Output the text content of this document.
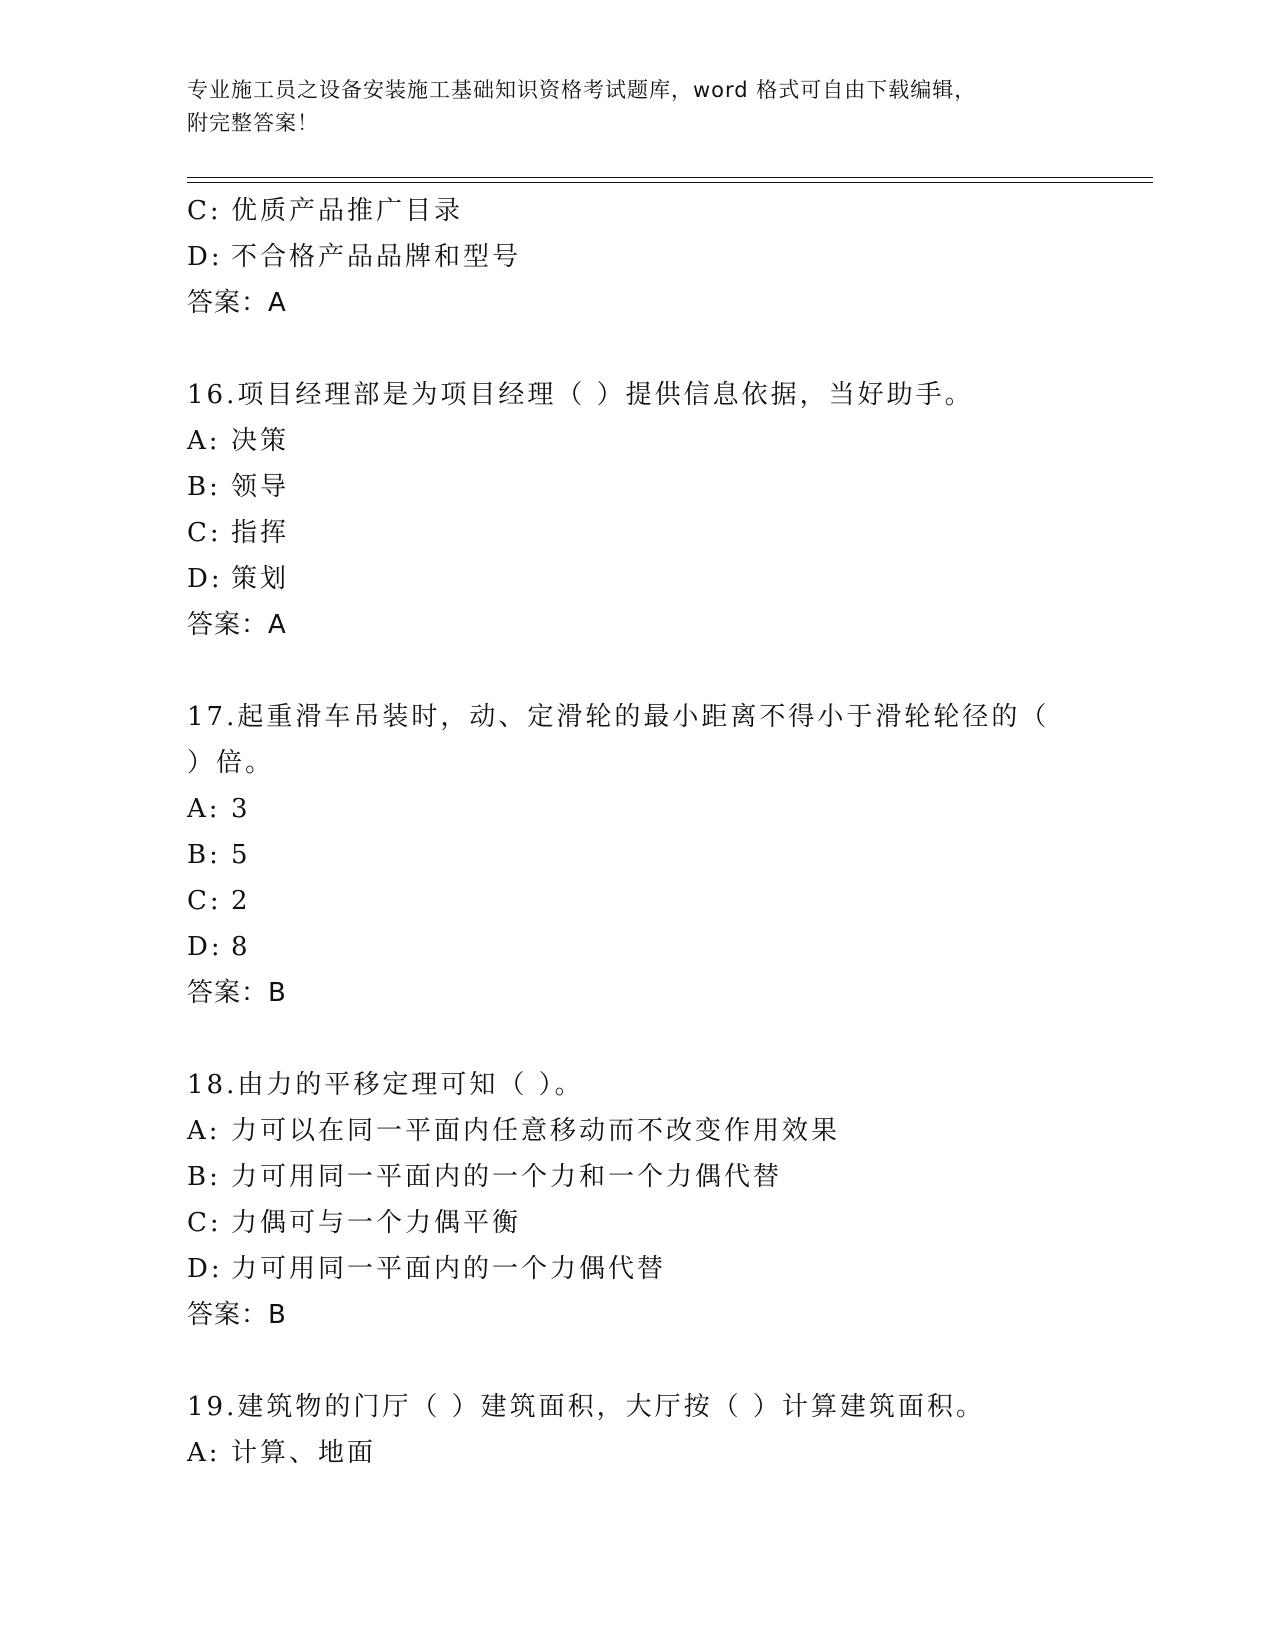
专业施工员之设备安装施工基础知识资格考试题库，word 格式可自由下载编辑，
附完整答案！
C: 优质产品推广目录
D: 不合格产品品牌和型号
答案：A
16.项目经理部是为项目经理（ ）提供信息依据，当好助手。
A: 决策
B: 领导
C: 指挥
D: 策划
答案：A
17.起重滑车吊装时，动、定滑轮的最小距离不得小于滑轮轮径的（
）倍。
A: 3
B: 5
C: 2
D: 8
答案：B
18.由力的平移定理可知（ ）。
A: 力可以在同一平面内任意移动而不改变作用效果
B: 力可用同一平面内的一个力和一个力偶代替
C: 力偶可与一个力偶平衡
D: 力可用同一平面内的一个力偶代替
答案：B
19.建筑物的门厅（ ）建筑面积，大厅按（ ）计算建筑面积。
A: 计算、地面
